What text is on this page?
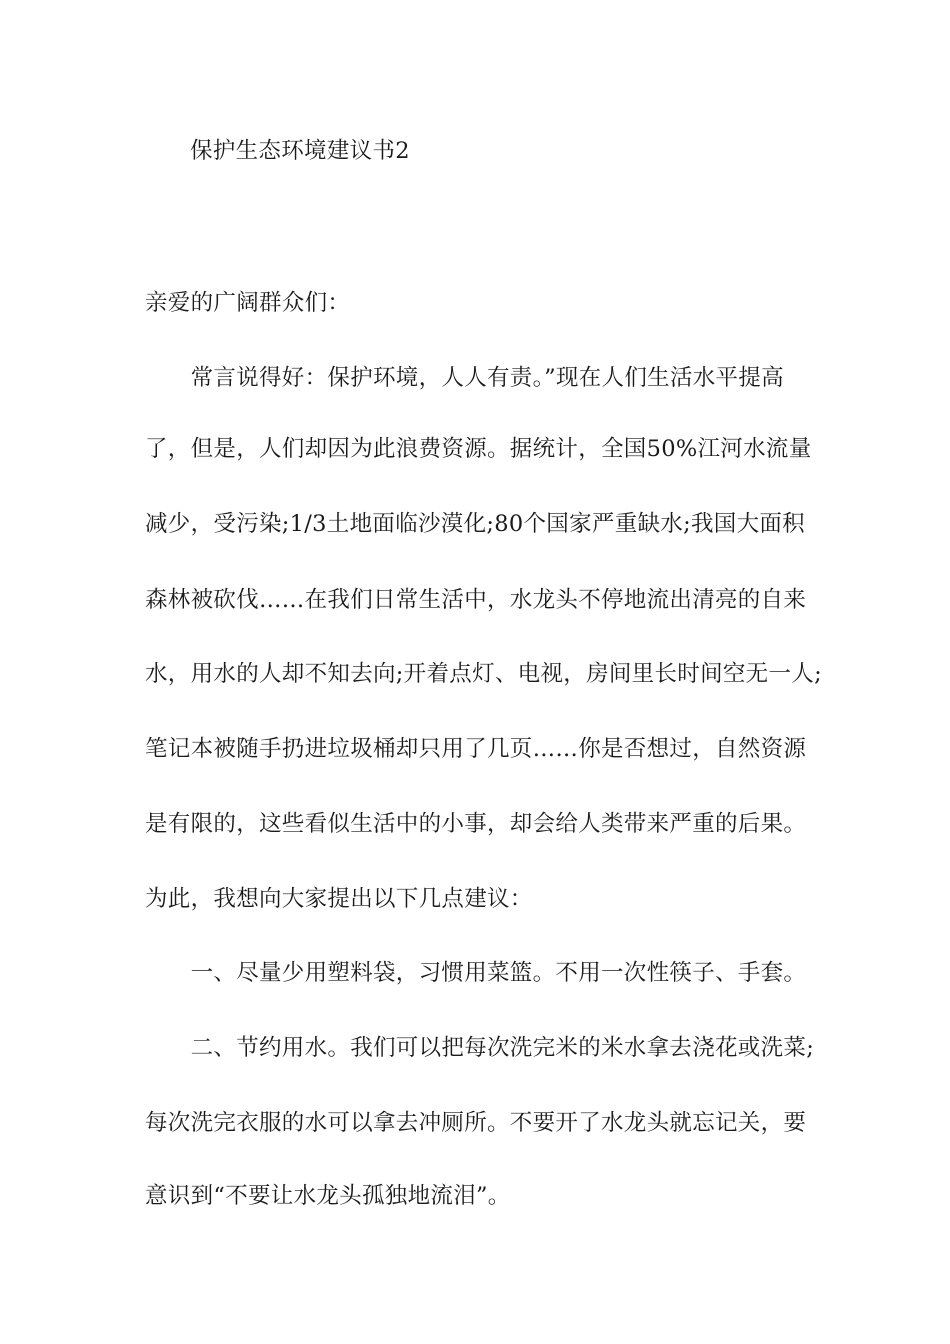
保护生态环境建议书2
亲爱的广阔群众们：
　　常言说得好：保护环境，人人有责。”现在人们生活水平提高
了，但是，人们却因为此浪费资源。据统计，全国50%江河水流量
减少，受污染;1/3土地面临沙漠化;80个国家严重缺水;我国大面积
森林被砍伐……在我们日常生活中，水龙头不停地流出清亮的自来
水，用水的人却不知去向;开着点灯、电视，房间里长时间空无一人;
笔记本被随手扔进垃圾桶却只用了几页……你是否想过，自然资源
是有限的，这些看似生活中的小事，却会给人类带来严重的后果。
为此，我想向大家提出以下几点建议：
　　一、尽量少用塑料袋，习惯用菜篮。不用一次性筷子、手套。
　　二、节约用水。我们可以把每次洗完米的米水拿去浇花或洗菜;
每次洗完衣服的水可以拿去冲厕所。不要开了水龙头就忘记关，要
意识到“不要让水龙头孤独地流泪”。
